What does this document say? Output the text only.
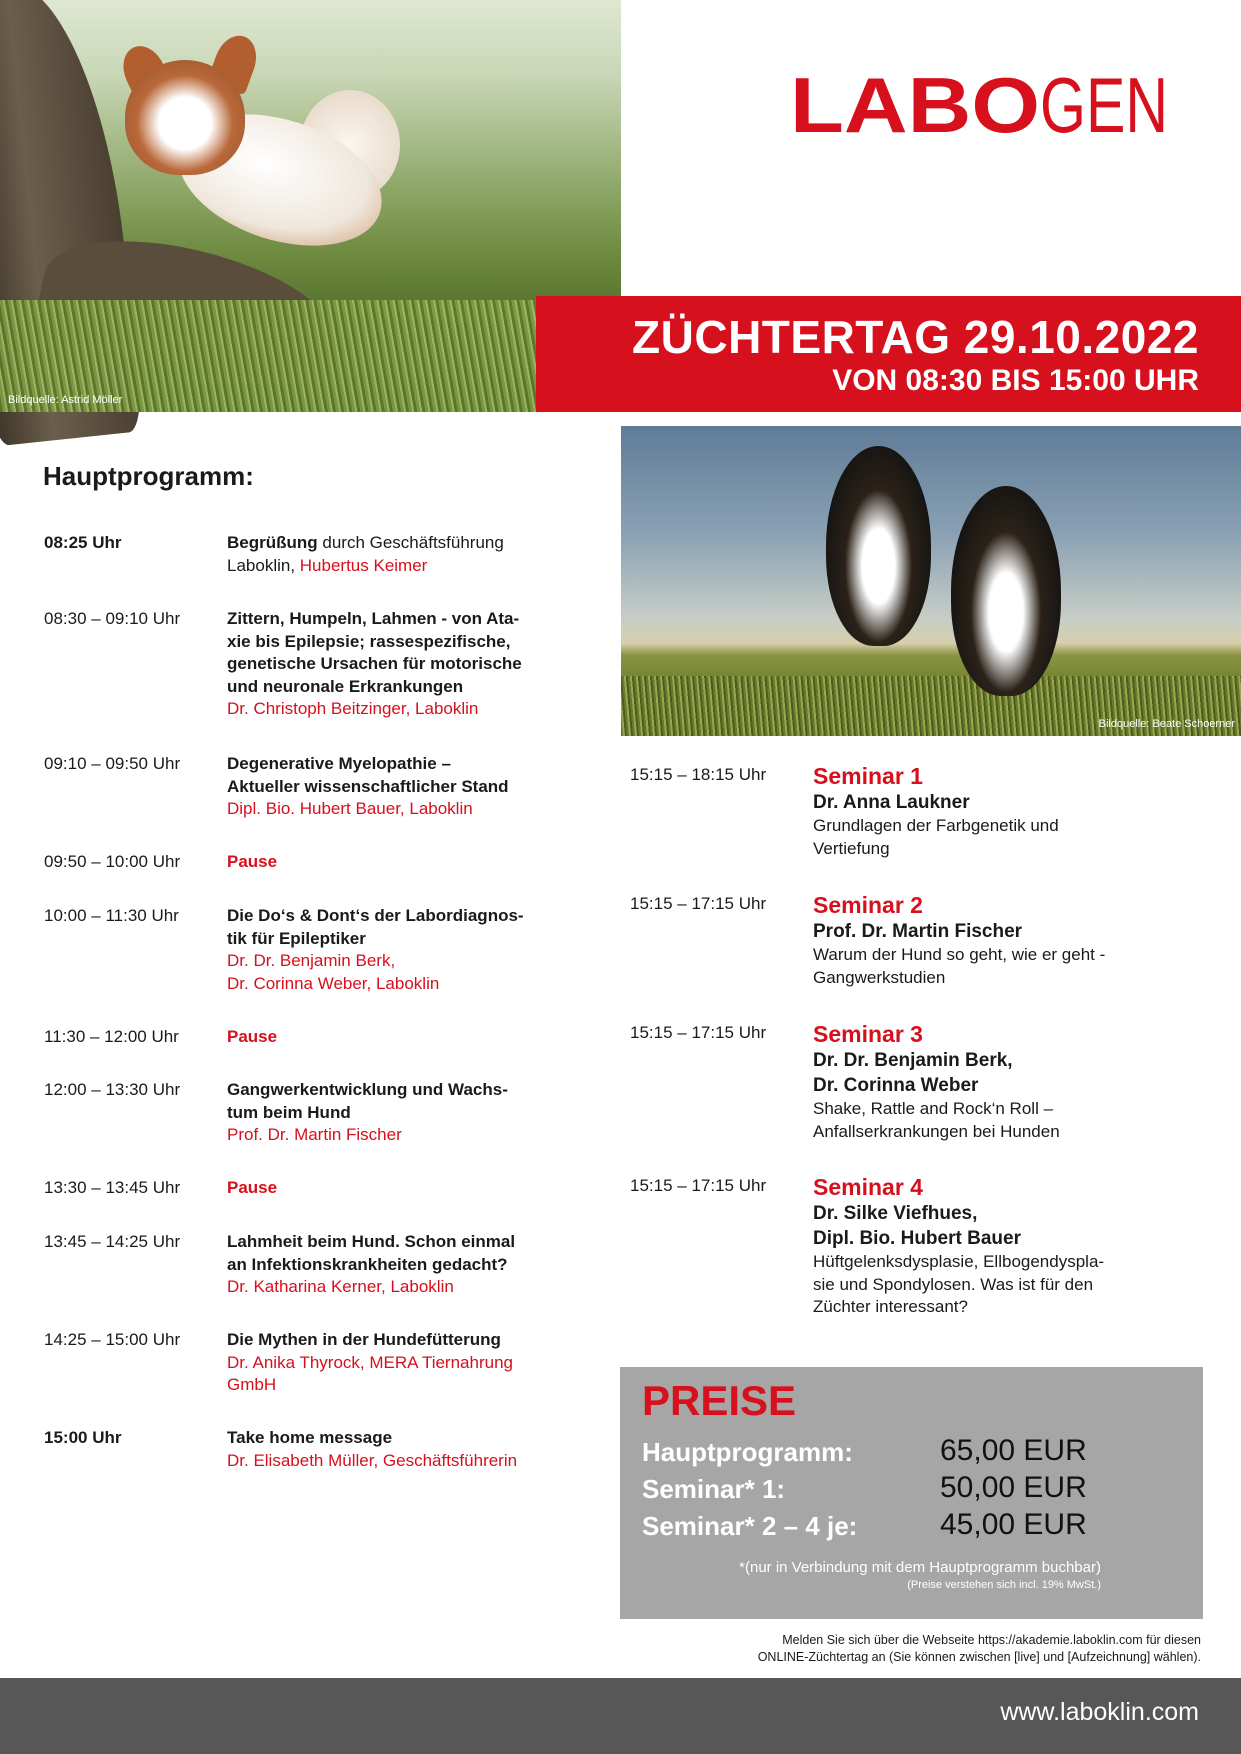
Bildquelle: Astrid Möller
LABO GEN
ZÜCHTERTAG 29.10.2022
VON 08:30 BIS 15:00 UHR
Bildquelle: Beate Schoerner
Hauptprogramm:
08:25 Uhr	Begrüßung durch Geschäftsführung
Laboklin, Hubertus Keimer
08:30 – 09:10 Uhr	Zittern, Humpeln, Lahmen - von Ata-
xie bis Epilepsie; rassespezifische,
genetische Ursachen für motorische
und neuronale Erkrankungen
Dr. Christoph Beitzinger, Laboklin
09:10 – 09:50 Uhr	Degenerative Myelopathie –
Aktueller wissenschaftlicher Stand
Dipl. Bio. Hubert Bauer, Laboklin
09:50 – 10:00 Uhr	Pause
10:00 – 11:30 Uhr	Die Do‘s & Dont‘s der Labordiagnos-
tik für Epileptiker
Dr. Dr. Benjamin Berk,
Dr. Corinna Weber, Laboklin
11:30 – 12:00 Uhr	Pause
12:00 – 13:30 Uhr	Gangwerkentwicklung und Wachs-
tum beim Hund
Prof. Dr. Martin Fischer
13:30 – 13:45 Uhr	Pause
13:45 – 14:25 Uhr	Lahmheit beim Hund. Schon einmal
an Infektionskrankheiten gedacht?
Dr. Katharina Kerner, Laboklin
14:25 – 15:00 Uhr	Die Mythen in der Hundefütterung
Dr. Anika Thyrock, MERA Tiernahrung
GmbH
15:00 Uhr	Take home message
Dr. Elisabeth Müller, Geschäftsführerin
15:15 – 18:15 Uhr	Seminar 1
Dr. Anna Laukner
Grundlagen der Farbgenetik und
Vertiefung
15:15 – 17:15 Uhr	Seminar 2
Prof. Dr. Martin Fischer
Warum der Hund so geht, wie er geht -
Gangwerkstudien
15:15 – 17:15 Uhr	Seminar 3
Dr. Dr. Benjamin Berk,
Dr. Corinna Weber
Shake, Rattle and Rock‘n Roll –
Anfallserkrankungen bei Hunden
15:15 – 17:15 Uhr	Seminar 4
Dr. Silke Viefhues,
Dipl. Bio. Hubert Bauer
Hüftgelenksdysplasie, Ellbogendyspla-
sie und Spondylosen. Was ist für den
Züchter interessant?
PREISE
Hauptprogramm:	65,00 EUR
Seminar* 1:	50,00 EUR
Seminar* 2 – 4 je:	45,00 EUR
*(nur in Verbindung mit dem Hauptprogramm buchbar)
(Preise verstehen sich incl. 19% MwSt.)
Melden Sie sich über die Webseite https://akademie.laboklin.com für diesen
ONLINE-Züchtertag an (Sie können zwischen [live] und [Aufzeichnung] wählen).
www.laboklin.com
